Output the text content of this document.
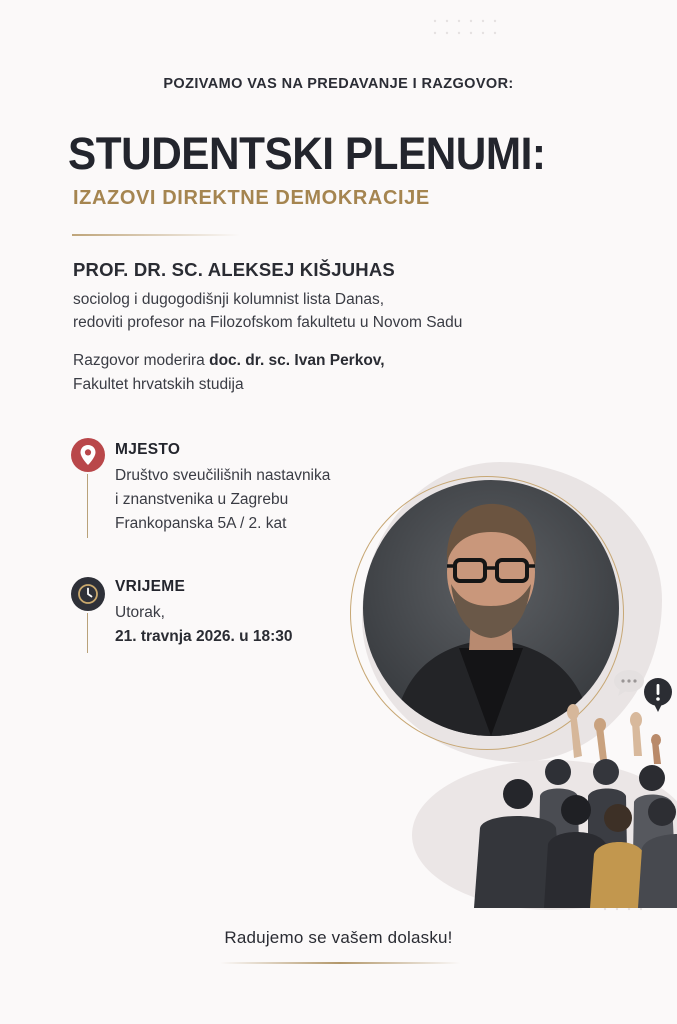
POZIVAMO VAS NA PREDAVANJE I RAZGOVOR:
STUDENTSKI PLENUMI:
IZAZOVI DIREKTNE DEMOKRACIJE
PROF. DR. SC. ALEKSEJ KIŠJUHAS
sociolog i dugogodišnji kolumnist lista Danas,
redoviti profesor na Filozofskom fakultetu u Novom Sadu
Razgovor moderira doc. dr. sc. Ivan Perkov,
Fakultet hrvatskih studija
MJESTO
Društvo sveučilišnih nastavnika
i znanstvenika u Zagrebu
Frankopanska 5A / 2. kat
VRIJEME
Utorak,
21. travnja 2026. u 18:30
Radujemo se vašem dolasku!
